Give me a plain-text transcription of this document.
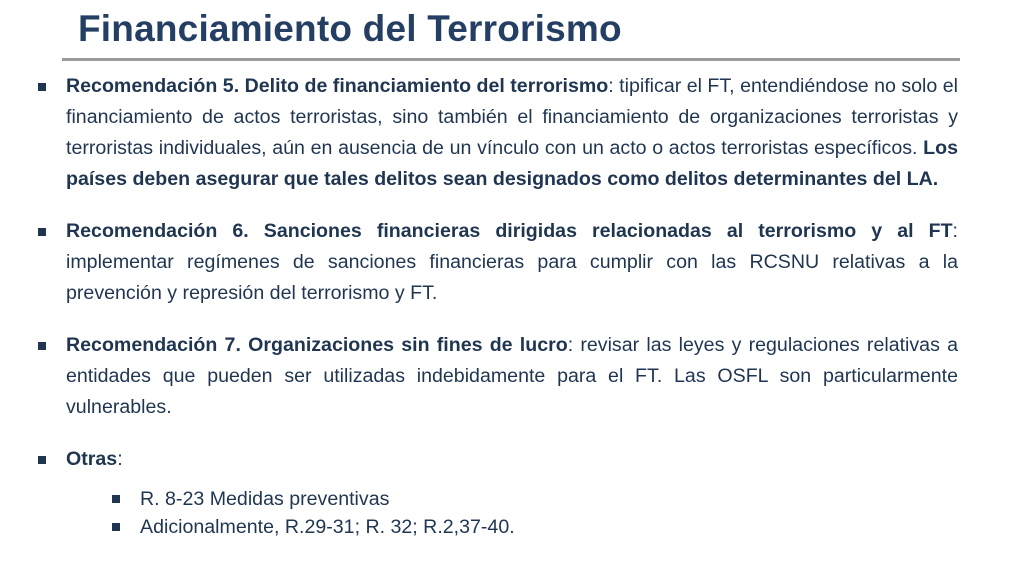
Financiamiento del Terrorismo
Recomendación 5. Delito de financiamiento del terrorismo: tipificar el FT, entendiéndose no solo el financiamiento de actos terroristas, sino también el financiamiento de organizaciones terroristas y terroristas individuales, aún en ausencia de un vínculo con un acto o actos terroristas específicos. Los países deben asegurar que tales delitos sean designados como delitos determinantes del LA.
Recomendación 6. Sanciones financieras dirigidas relacionadas al terrorismo y al FT: implementar regímenes de sanciones financieras para cumplir con las RCSNU relativas a la prevención y represión del terrorismo y FT.
Recomendación 7. Organizaciones sin fines de lucro: revisar las leyes y regulaciones relativas a entidades que pueden ser utilizadas indebidamente para el FT. Las OSFL son particularmente vulnerables.
Otras:
R. 8-23 Medidas preventivas
Adicionalmente, R.29-31; R. 32; R.2,37-40.
